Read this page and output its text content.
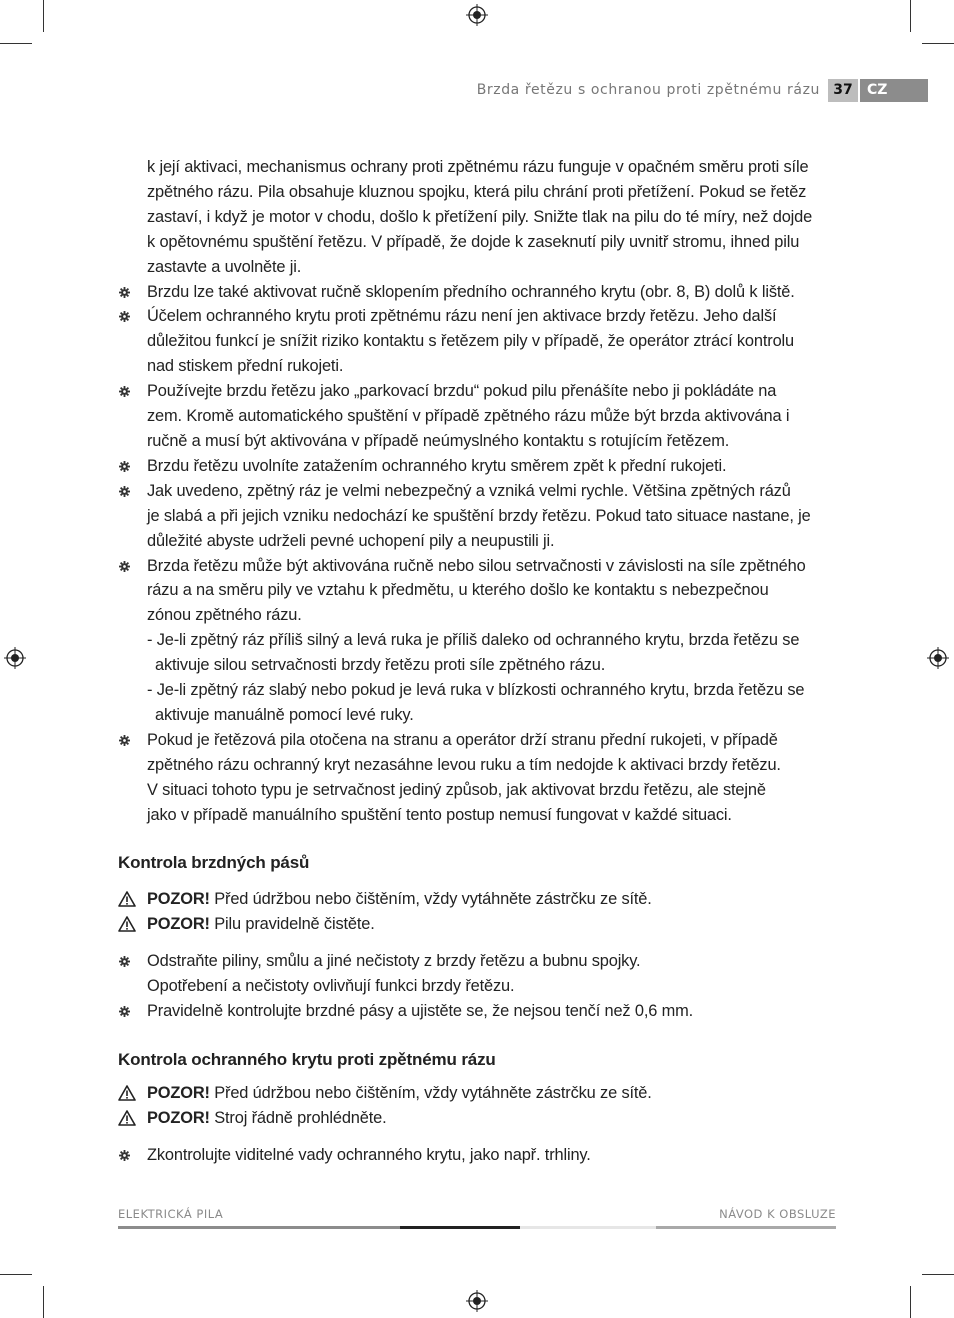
Brzda řetězu s ochranou proti zpětnému rázu 37	CZ
k její aktivaci, mechanismus ochrany proti zpětnému rázu funguje v opačném směru proti síle
zpětného rázu. Pila obsahuje kluznou spojku, která pilu chrání proti přetížení. Pokud se řetěz
zastaví, i když je motor v chodu, došlo k přetížení pily. Snižte tlak na pilu do té míry, než dojde
k opětovnému spuštění řetězu. V případě, že dojde k zaseknutí pily uvnitř stromu, ihned pilu
zastavte a uvolněte ji.
Brzdu lze také aktivovat ručně sklopením předního ochranného krytu (obr. 8, B) dolů k liště.
Účelem ochranného krytu proti zpětnému rázu není jen aktivace brzdy řetězu. Jeho další
důležitou funkcí je snížit riziko kontaktu s řetězem pily v případě, že operátor ztrácí kontrolu
nad stiskem přední rukojeti.
Používejte brzdu řetězu jako „parkovací brzdu“ pokud pilu přenášíte nebo ji pokládáte na
zem. Kromě automatického spuštění v případě zpětného rázu může být brzda aktivována i
ručně a musí být aktivována v případě neúmyslného kontaktu s rotujícím řetězem.
Brzdu řetězu uvolníte zatažením ochranného krytu směrem zpět k přední rukojeti.
Jak uvedeno, zpětný ráz je velmi nebezpečný a vzniká velmi rychle. Většina zpětných rázů
je slabá a při jejich vzniku nedochází ke spuštění brzdy řetězu. Pokud tato situace nastane, je
důležité abyste udrželi pevné uchopení pily a neupustili ji.
Brzda řetězu může být aktivována ručně nebo silou setrvačnosti v závislosti na síle zpětného
rázu a na směru pily ve vztahu k předmětu, u kterého došlo ke kontaktu s nebezpečnou
zónou zpětného rázu.
- Je-li zpětný ráz příliš silný a levá ruka je příliš daleko od ochranného krytu, brzda řetězu se
aktivuje silou setrvačnosti brzdy řetězu proti síle zpětného rázu.
- Je-li zpětný ráz slabý nebo pokud je levá ruka v blízkosti ochranného krytu, brzda řetězu se
aktivuje manuálně pomocí levé ruky.
Pokud je řetězová pila otočena na stranu a operátor drží stranu přední rukojeti, v případě
zpětného rázu ochranný kryt nezasáhne levou ruku a tím nedojde k aktivaci brzdy řetězu.
V situaci tohoto typu je setrvačnost jediný způsob, jak aktivovat brzdu řetězu, ale stejně
jako v případě manuálního spuštění tento postup nemusí fungovat v každé situaci.
Kontrola brzdných pásů
POZOR! Před údržbou nebo čištěním, vždy vytáhněte zástrčku ze sítě.
POZOR! Pilu pravidelně čistěte.
Odstraňte piliny, smůlu a jiné nečistoty z brzdy řetězu a bubnu spojky.
Opotřebení a nečistoty ovlivňují funkci brzdy řetězu.
Pravidelně kontrolujte brzdné pásy a ujistěte se, že nejsou tenčí než 0,6 mm.
Kontrola ochranného krytu proti zpětnému rázu
POZOR! Před údržbou nebo čištěním, vždy vytáhněte zástrčku ze sítě.
POZOR! Stroj řádně prohlédněte.
Zkontrolujte viditelné vady ochranného krytu, jako např. trhliny.
ELEKTRICKÁ PILA	NÁVOD K OBSLUZE
